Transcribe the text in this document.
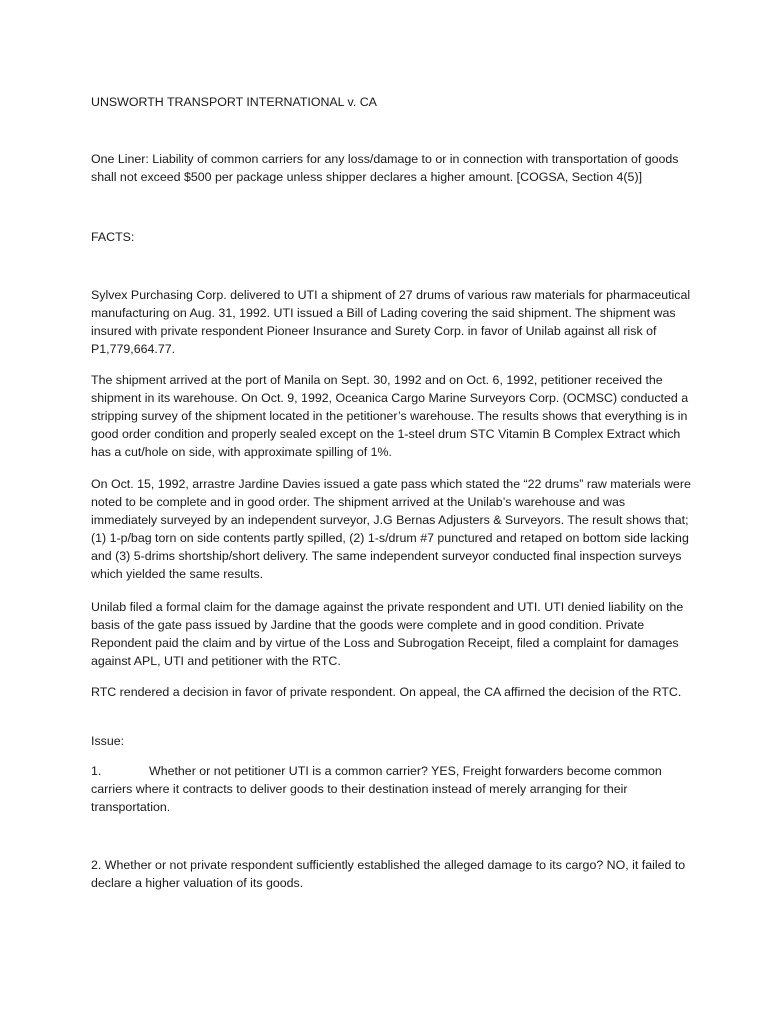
UNSWORTH TRANSPORT INTERNATIONAL v. CA

One Liner: Liability of common carriers for any loss/damage to or in connection with transportation of goods shall not exceed $500 per package unless shipper declares a higher amount. [COGSA, Section 4(5)]

FACTS:

Sylvex Purchasing Corp. delivered to UTI a shipment of 27 drums of various raw materials for pharmaceutical manufacturing on Aug. 31, 1992. UTI issued a Bill of Lading covering the said shipment. The shipment was insured with private respondent Pioneer Insurance and Surety Corp. in favor of Unilab against all risk of P1,779,664.77.

The shipment arrived at the port of Manila on Sept. 30, 1992 and on Oct. 6, 1992, petitioner received the shipment in its warehouse. On Oct. 9, 1992, Oceanica Cargo Marine Surveyors Corp. (OCMSC) conducted a stripping survey of the shipment located in the petitioner’s warehouse. The results shows that everything is in good order condition and properly sealed except on the 1-steel drum STC Vitamin B Complex Extract which has a cut/hole on side, with approximate spilling of 1%.

On Oct. 15, 1992, arrastre Jardine Davies issued a gate pass which stated the “22 drums” raw materials were noted to be complete and in good order. The shipment arrived at the Unilab’s warehouse and was immediately surveyed by an independent surveyor, J.G Bernas Adjusters & Surveyors. The result shows that; (1) 1-p/bag torn on side contents partly spilled, (2) 1-s/drum #7 punctured and retaped on bottom side lacking and (3) 5-drims shortship/short delivery. The same independent surveyor conducted final inspection surveys which yielded the same results.

Unilab filed a formal claim for the damage against the private respondent and UTI. UTI denied liability on the basis of the gate pass issued by Jardine that the goods were complete and in good condition. Private Repondent paid the claim and by virtue of the Loss and Subrogation Receipt, filed a complaint for damages against APL, UTI and petitioner with the RTC.

RTC rendered a decision in favor of private respondent. On appeal, the CA affirned the decision of the RTC.

Issue:

1.	Whether or not petitioner UTI is a common carrier? YES, Freight forwarders become common carriers where it contracts to deliver goods to their destination instead of merely arranging for their transportation.

2. Whether or not private respondent sufficiently established the alleged damage to its cargo? NO, it failed to declare a higher valuation of its goods.
